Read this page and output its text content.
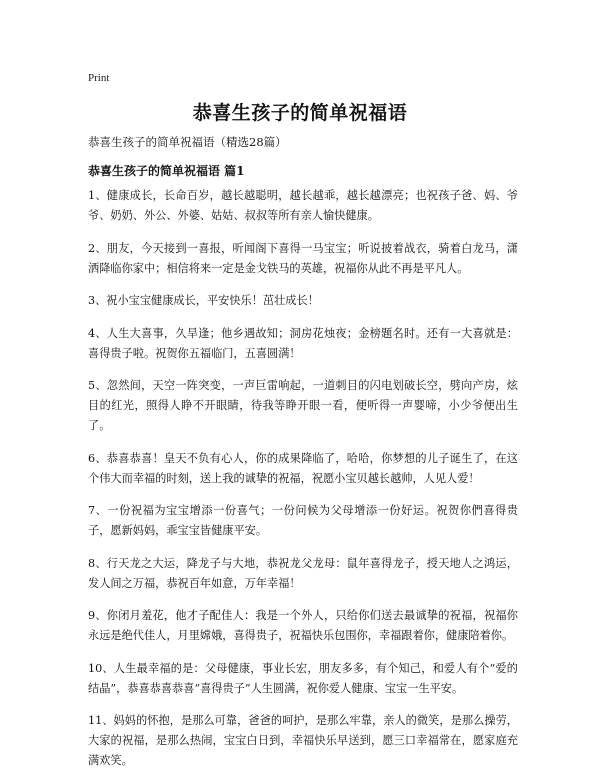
Print
恭喜生孩子的简单祝福语
恭喜生孩子的简单祝福语（精选28篇）
恭喜生孩子的简单祝福语 篇1

1、健康成长，长命百岁，越长越聪明，越长越乖，越长越漂亮；也祝孩子爸、妈、爷爷、奶奶、外公、外婆、姑姑、叔叔等所有亲人愉快健康。

2、朋友，今天接到一喜报，听闻阁下喜得一马宝宝；听说披着战衣，骑着白龙马，潇洒降临你家中；相信将来一定是金戈铁马的英雄，祝福你从此不再是平凡人。

3、祝小宝宝健康成长，平安快乐！茁壮成长！

4、人生大喜事，久旱逢；他乡遇故知；洞房花烛夜；金榜题名时。还有一大喜就是：喜得贵子啦。祝贺你五福临门，五喜圆满！

5、忽然间，天空一阵突变，一声巨雷响起，一道刺目的闪电划破长空，劈向产房，炫目的红光，照得人睁不开眼睛，待我等睁开眼一看，便听得一声婴啼，小少爷便出生了。

6、恭喜恭喜！皇天不负有心人，你的成果降临了，哈哈，你梦想的儿子诞生了，在这个伟大而幸福的时刻，送上我的诚挚的祝福，祝愿小宝贝越长越帅，人见人爱！

7、一份祝福为宝宝增添一份喜气；一份问候为父母增添一份好运。祝贺你們喜得贵子，愿新妈妈，乖宝宝皆健康平安。

8、行天龙之大运，降龙子与大地，恭祝龙父龙母：鼠年喜得龙子，授天地人之鸿运，发人间之万福，恭祝百年如意，万年幸福！

9、你闭月羞花，他才子配佳人：我是一个外人，只给你们送去最诚挚的祝福，祝福你永远是绝代佳人，月里嫦娥，喜得贵子，祝福快乐包围你，幸福跟着你，健康陪着你。

10、人生最幸福的是：父母健康，事业长宏，朋友多多，有个知己，和爱人有个“爱的结晶”，恭喜恭喜恭喜“喜得贵子”人生圆满，祝你爱人健康、宝宝一生平安。

11、妈妈的怀抱，是那么可靠，爸爸的呵护，是那么牢靠，亲人的微笑，是那么操劳，大家的祝福，是那么热闹，宝宝白日到，幸福快乐早送到，愿三口幸福常在，愿家庭充满欢笑。
